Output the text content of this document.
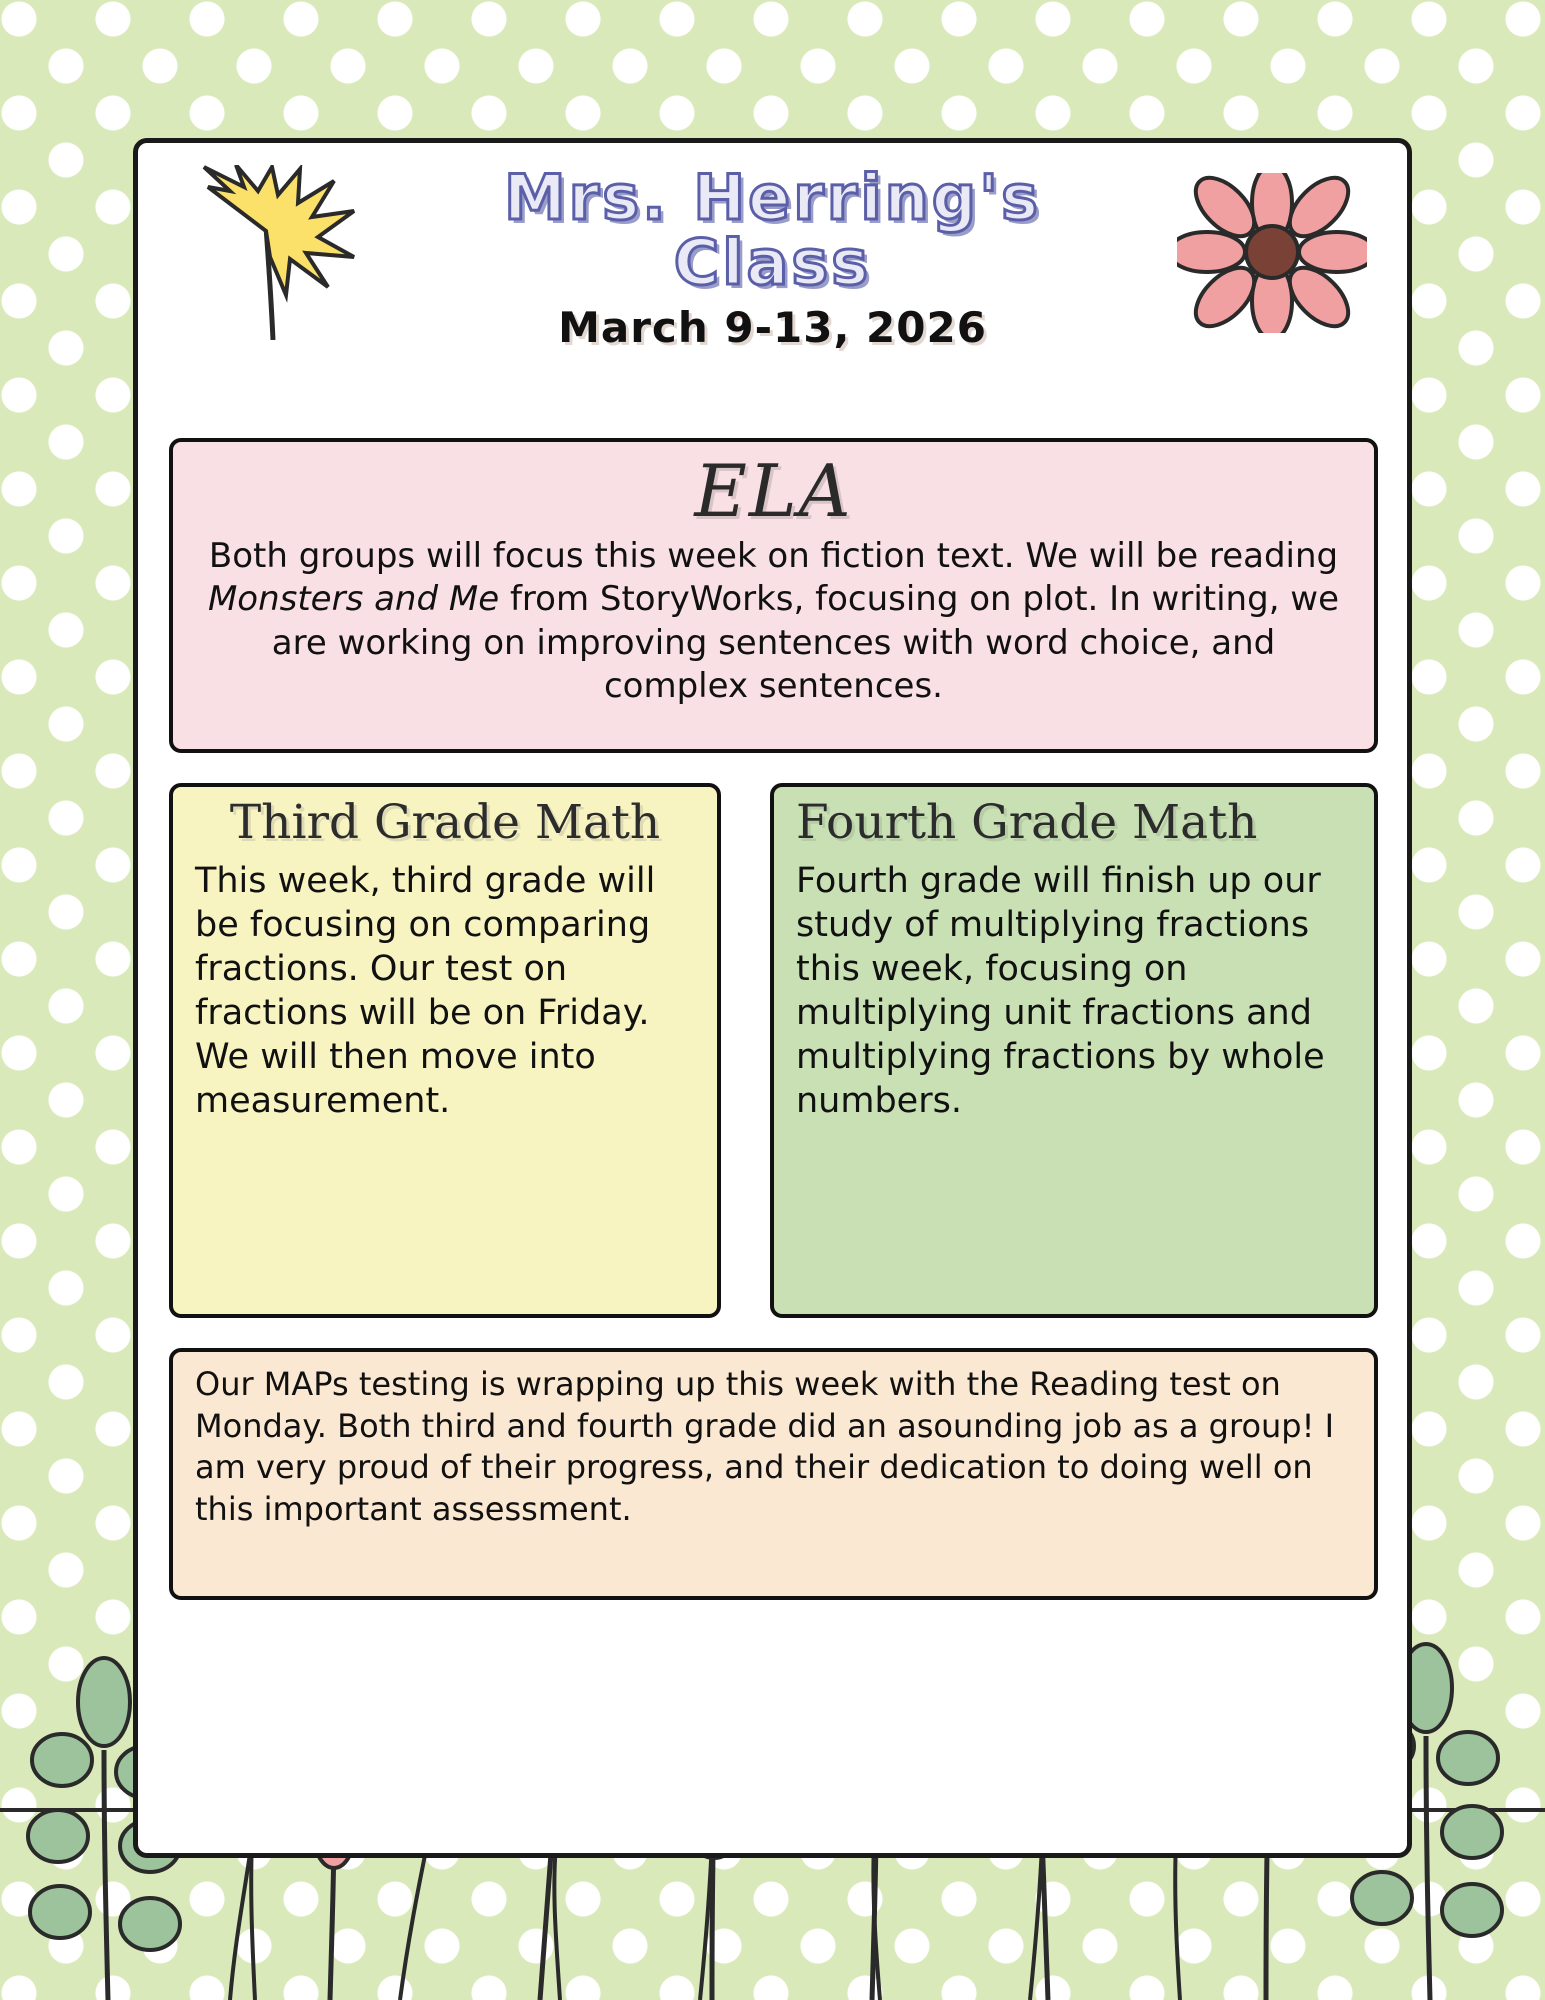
Mrs. Herring's
Class
March 9-13, 2026
ELA
Both groups will focus this week on fiction text. We will be reading Monsters and Me from StoryWorks, focusing on plot. In writing, we are working on improving sentences with word choice, and complex sentences.
Third Grade Math
This week, third grade will be focusing on comparing fractions. Our test on fractions will be on Friday. We will then move into measurement.
Fourth Grade Math
Fourth grade will finish up our study of multiplying fractions this week, focusing on multiplying unit fractions and multiplying fractions by whole numbers.
Our MAPs testing is wrapping up this week with the Reading test on Monday. Both third and fourth grade did an asounding job as a group! I am very proud of their progress, and their dedication to doing well on this important assessment.
